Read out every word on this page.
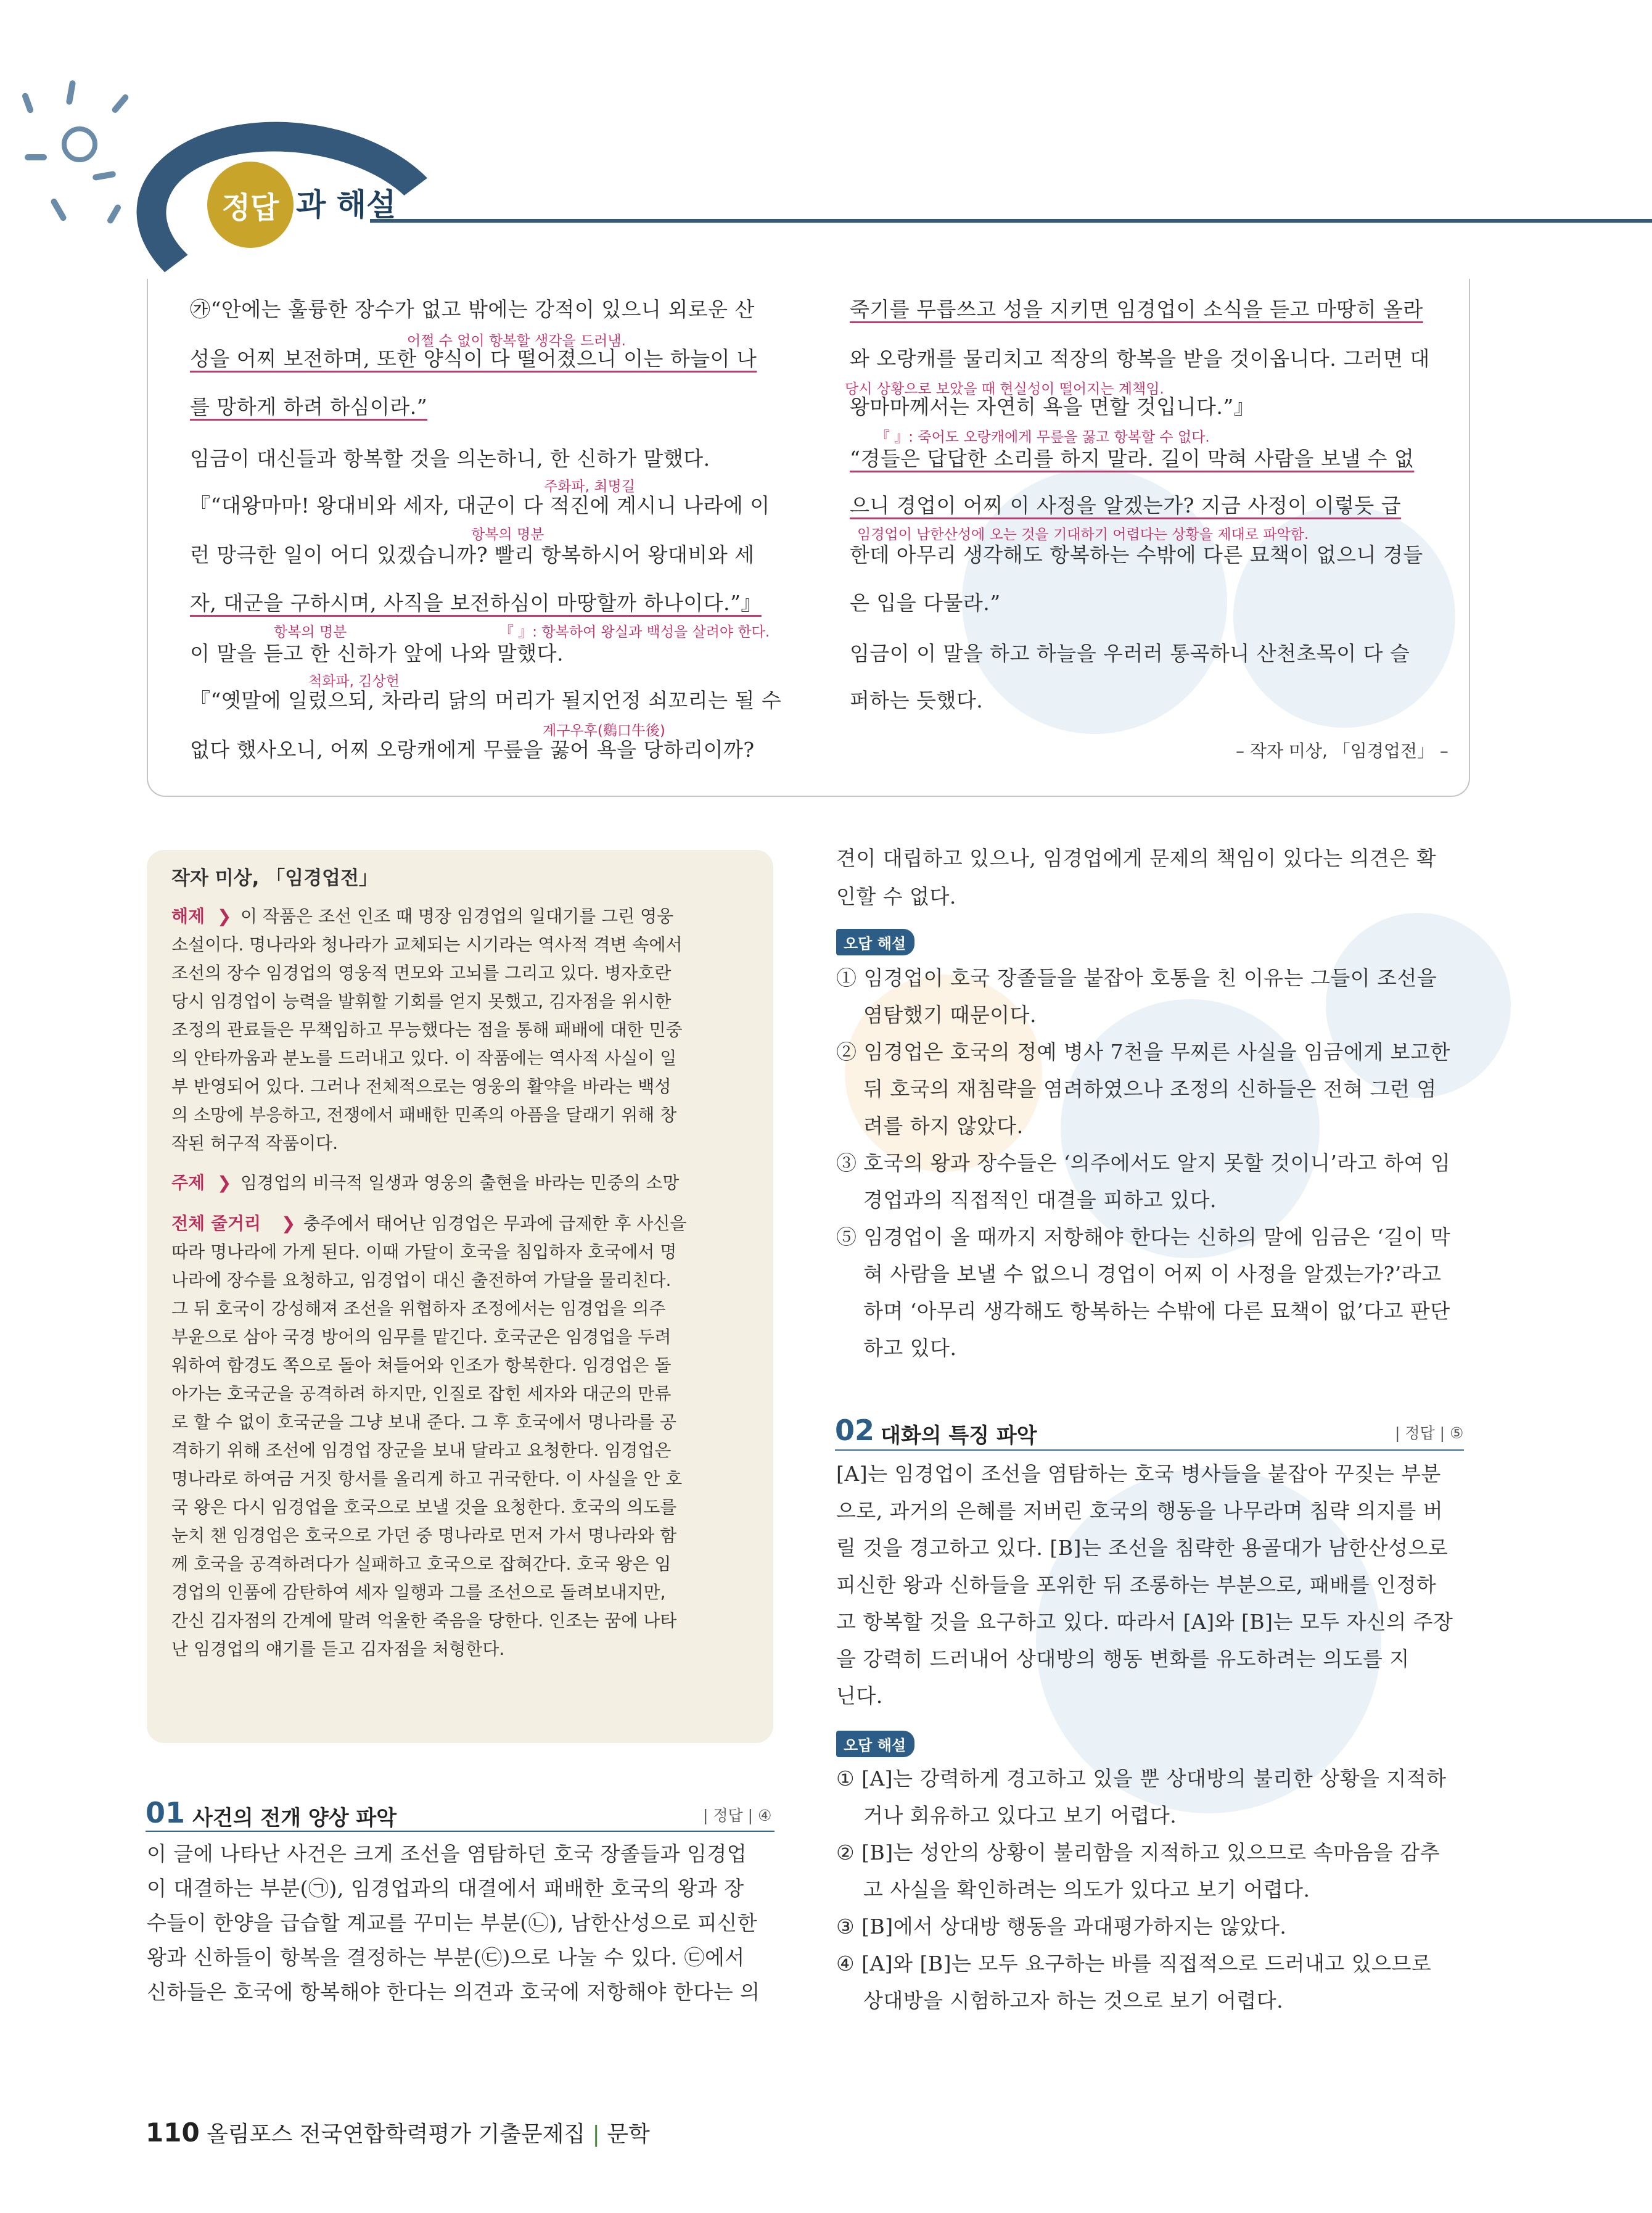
정답 과 해설
㉮“안에는 훌륭한 장수가 없고 밖에는 강적이 있으니 외로운 산
성을 어찌 보전하며, 또한 양식이 다 떨어졌으니 이는 하늘이 나
를 망하게 하려 하심이라.”
임금이 대신들과 항복할 것을 의논하니, 한 신하가 말했다.
『“대왕마마! 왕대비와 세자, 대군이 다 적진에 계시니 나라에 이
런 망극한 일이 어디 있겠습니까? 빨리 항복하시어 왕대비와 세
자, 대군을 구하시며, 사직을 보전하심이 마땅할까 하나이다.”』
이 말을 듣고 한 신하가 앞에 나와 말했다.
『“옛말에 일렀으되, 차라리 닭의 머리가 될지언정 쇠꼬리는 될 수
없다 했사오니, 어찌 오랑캐에게 무릎을 꿇어 욕을 당하리이까?
죽기를 무릅쓰고 성을 지키면 임경업이 소식을 듣고 마땅히 올라
와 오랑캐를 물리치고 적장의 항복을 받을 것이옵니다. 그러면 대
왕마마께서는 자연히 욕을 면할 것입니다.”』
“경들은 답답한 소리를 하지 말라. 길이 막혀 사람을 보낼 수 없
으니 경업이 어찌 이 사정을 알겠는가? 지금 사정이 이렇듯 급
한데 아무리 생각해도 항복하는 수밖에 다른 묘책이 없으니 경들
은 입을 다물라.”
임금이 이 말을 하고 하늘을 우러러 통곡하니 산천초목이 다 슬
퍼하는 듯했다.
어쩔 수 없이 항복할 생각을 드러냄.
주화파, 최명길
항복의 명분
항복의 명분	『 』: 항복하여 왕실과 백성을 살려야 한다.
척화파, 김상헌
계구우후(鷄口牛後)
당시 상황으로 보았을 때 현실성이 떨어지는 계책임.
『 』: 죽어도 오랑캐에게 무릎을 꿇고 항복할 수 없다.
임경업이 남한산성에 오는 것을 기대하기 어렵다는 상황을 제대로 파악함.
– 작자 미상, 「임경업전」 –
작자 미상, 「임경업전」
해제 ❯ 이 작품은 조선 인조 때 명장 임경업의 일대기를 그린 영웅
소설이다. 명나라와 청나라가 교체되는 시기라는 역사적 격변 속에서
조선의 장수 임경업의 영웅적 면모와 고뇌를 그리고 있다. 병자호란
당시 임경업이 능력을 발휘할 기회를 얻지 못했고, 김자점을 위시한
조정의 관료들은 무책임하고 무능했다는 점을 통해 패배에 대한 민중
의 안타까움과 분노를 드러내고 있다. 이 작품에는 역사적 사실이 일
부 반영되어 있다. 그러나 전체적으로는 영웅의 활약을 바라는 백성
의 소망에 부응하고, 전쟁에서 패배한 민족의 아픔을 달래기 위해 창
작된 허구적 작품이다.
주제 ❯ 임경업의 비극적 일생과 영웅의 출현을 바라는 민중의 소망
전체 줄거리 ❯ 충주에서 태어난 임경업은 무과에 급제한 후 사신을
따라 명나라에 가게 된다. 이때 가달이 호국을 침입하자 호국에서 명
나라에 장수를 요청하고, 임경업이 대신 출전하여 가달을 물리친다.
그 뒤 호국이 강성해져 조선을 위협하자 조정에서는 임경업을 의주
부윤으로 삼아 국경 방어의 임무를 맡긴다. 호국군은 임경업을 두려
워하여 함경도 쪽으로 돌아 쳐들어와 인조가 항복한다. 임경업은 돌
아가는 호국군을 공격하려 하지만, 인질로 잡힌 세자와 대군의 만류
로 할 수 없이 호국군을 그냥 보내 준다. 그 후 호국에서 명나라를 공
격하기 위해 조선에 임경업 장군을 보내 달라고 요청한다. 임경업은
명나라로 하여금 거짓 항서를 올리게 하고 귀국한다. 이 사실을 안 호
국 왕은 다시 임경업을 호국으로 보낼 것을 요청한다. 호국의 의도를
눈치 챈 임경업은 호국으로 가던 중 명나라로 먼저 가서 명나라와 함
께 호국을 공격하려다가 실패하고 호국으로 잡혀간다. 호국 왕은 임
경업의 인품에 감탄하여 세자 일행과 그를 조선으로 돌려보내지만,
간신 김자점의 간계에 말려 억울한 죽음을 당한다. 인조는 꿈에 나타
난 임경업의 얘기를 듣고 김자점을 처형한다.
01 사건의 전개 양상 파악	| 정답 | ④
이 글에 나타난 사건은 크게 조선을 염탐하던 호국 장졸들과 임경업
이 대결하는 부분(㉠), 임경업과의 대결에서 패배한 호국의 왕과 장
수들이 한양을 급습할 계교를 꾸미는 부분(㉡), 남한산성으로 피신한
왕과 신하들이 항복을 결정하는 부분(㉢)으로 나눌 수 있다. ㉢에서
신하들은 호국에 항복해야 한다는 의견과 호국에 저항해야 한다는 의
견이 대립하고 있으나, 임경업에게 문제의 책임이 있다는 의견은 확
인할 수 없다.
오답 해설
① 임경업이 호국 장졸들을 붙잡아 호통을 친 이유는 그들이 조선을
염탐했기 때문이다.
② 임경업은 호국의 정예 병사 7천을 무찌른 사실을 임금에게 보고한
뒤 호국의 재침략을 염려하였으나 조정의 신하들은 전혀 그런 염
려를 하지 않았다.
③ 호국의 왕과 장수들은 ‘의주에서도 알지 못할 것이니’라고 하여 임
경업과의 직접적인 대결을 피하고 있다.
⑤ 임경업이 올 때까지 저항해야 한다는 신하의 말에 임금은 ‘길이 막
혀 사람을 보낼 수 없으니 경업이 어찌 이 사정을 알겠는가?’라고
하며 ‘아무리 생각해도 항복하는 수밖에 다른 묘책이 없’다고 판단
하고 있다.
02 대화의 특징 파악	| 정답 | ⑤
[A]는 임경업이 조선을 염탐하는 호국 병사들을 붙잡아 꾸짖는 부분
으로, 과거의 은혜를 저버린 호국의 행동을 나무라며 침략 의지를 버
릴 것을 경고하고 있다. [B]는 조선을 침략한 용골대가 남한산성으로
피신한 왕과 신하들을 포위한 뒤 조롱하는 부분으로, 패배를 인정하
고 항복할 것을 요구하고 있다. 따라서 [A]와 [B]는 모두 자신의 주장
을 강력히 드러내어 상대방의 행동 변화를 유도하려는 의도를 지
닌다.
오답 해설
① [A]는 강력하게 경고하고 있을 뿐 상대방의 불리한 상황을 지적하
거나 회유하고 있다고 보기 어렵다.
② [B]는 성안의 상황이 불리함을 지적하고 있으므로 속마음을 감추
고 사실을 확인하려는 의도가 있다고 보기 어렵다.
③ [B]에서 상대방 행동을 과대평가하지는 않았다.
④ [A]와 [B]는 모두 요구하는 바를 직접적으로 드러내고 있으므로
상대방을 시험하고자 하는 것으로 보기 어렵다.
110 올림포스 전국연합학력평가 기출문제집 | 문학
